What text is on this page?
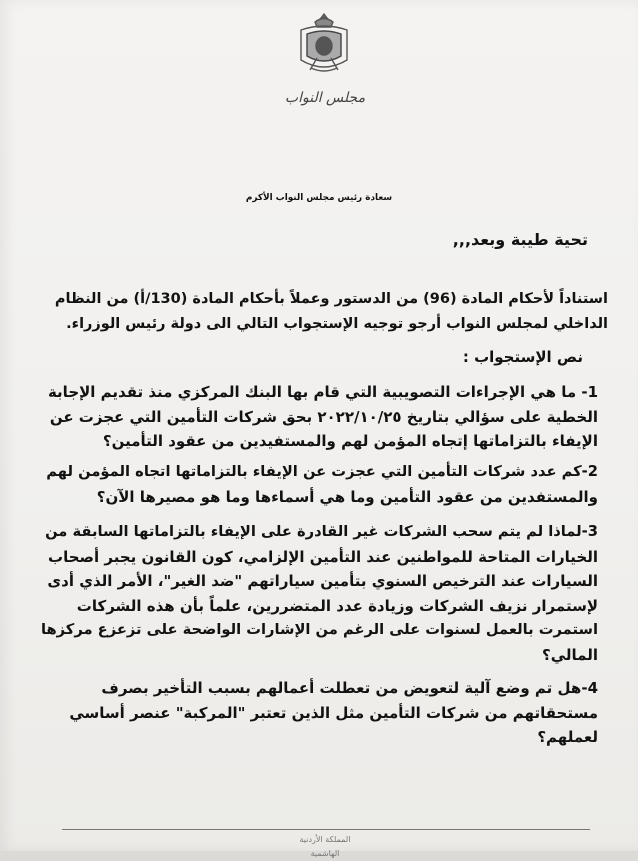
مجلس النواب
سعادة رئيس مجلس النواب الأكرم
تحية طيبة وبعد,,,
استناداً لأحكام المادة (96) من الدستور وعملاً بأحكام المادة (130/أ) من النظام
الداخلي لمجلس النواب أرجو توجيه الإستجواب التالي الى دولة رئيس الوزراء.
نص الإستجواب :
1- ما هي الإجراءات التصويبية التي قام بها البنك المركزي منذ تقديم الإجابة
الخطية على سؤالي بتاريخ ٢٠٢٢/١٠/٢٥ بحق شركات التأمين التي عجزت عن
الإيفاء بالتزاماتها إتجاه المؤمن لهم والمستفيدين من عقود التأمين؟
2-كم عدد شركات التأمين التي عجزت عن الإيفاء بالتزاماتها اتجاه المؤمن لهم
والمستفدين من عقود التأمين وما هي أسماءها وما هو مصيرها الآن؟
3-لماذا لم يتم سحب الشركات غير القادرة على الإيفاء بالتزاماتها السابقة من
الخيارات المتاحة للمواطنين عند التأمين الإلزامي، كون القانون يجبر أصحاب
السيارات عند الترخيص السنوي بتأمين سياراتهم "ضد الغير"، الأمر الذي أدى
لإستمرار نزيف الشركات وزيادة عدد المتضررين، علماً بأن هذه الشركات
استمرت بالعمل لسنوات على الرغم من الإشارات الواضحة على تزعزع مركزها
المالي؟
4-هل تم وضع آلية لتعويض من تعطلت أعمالهم بسبب التأخير بصرف
مستحقاتهم من شركات التأمين مثل الذين تعتبر "المركبة" عنصر أساسي
لعملهم؟
المملكة الأردنية الهاشمية
